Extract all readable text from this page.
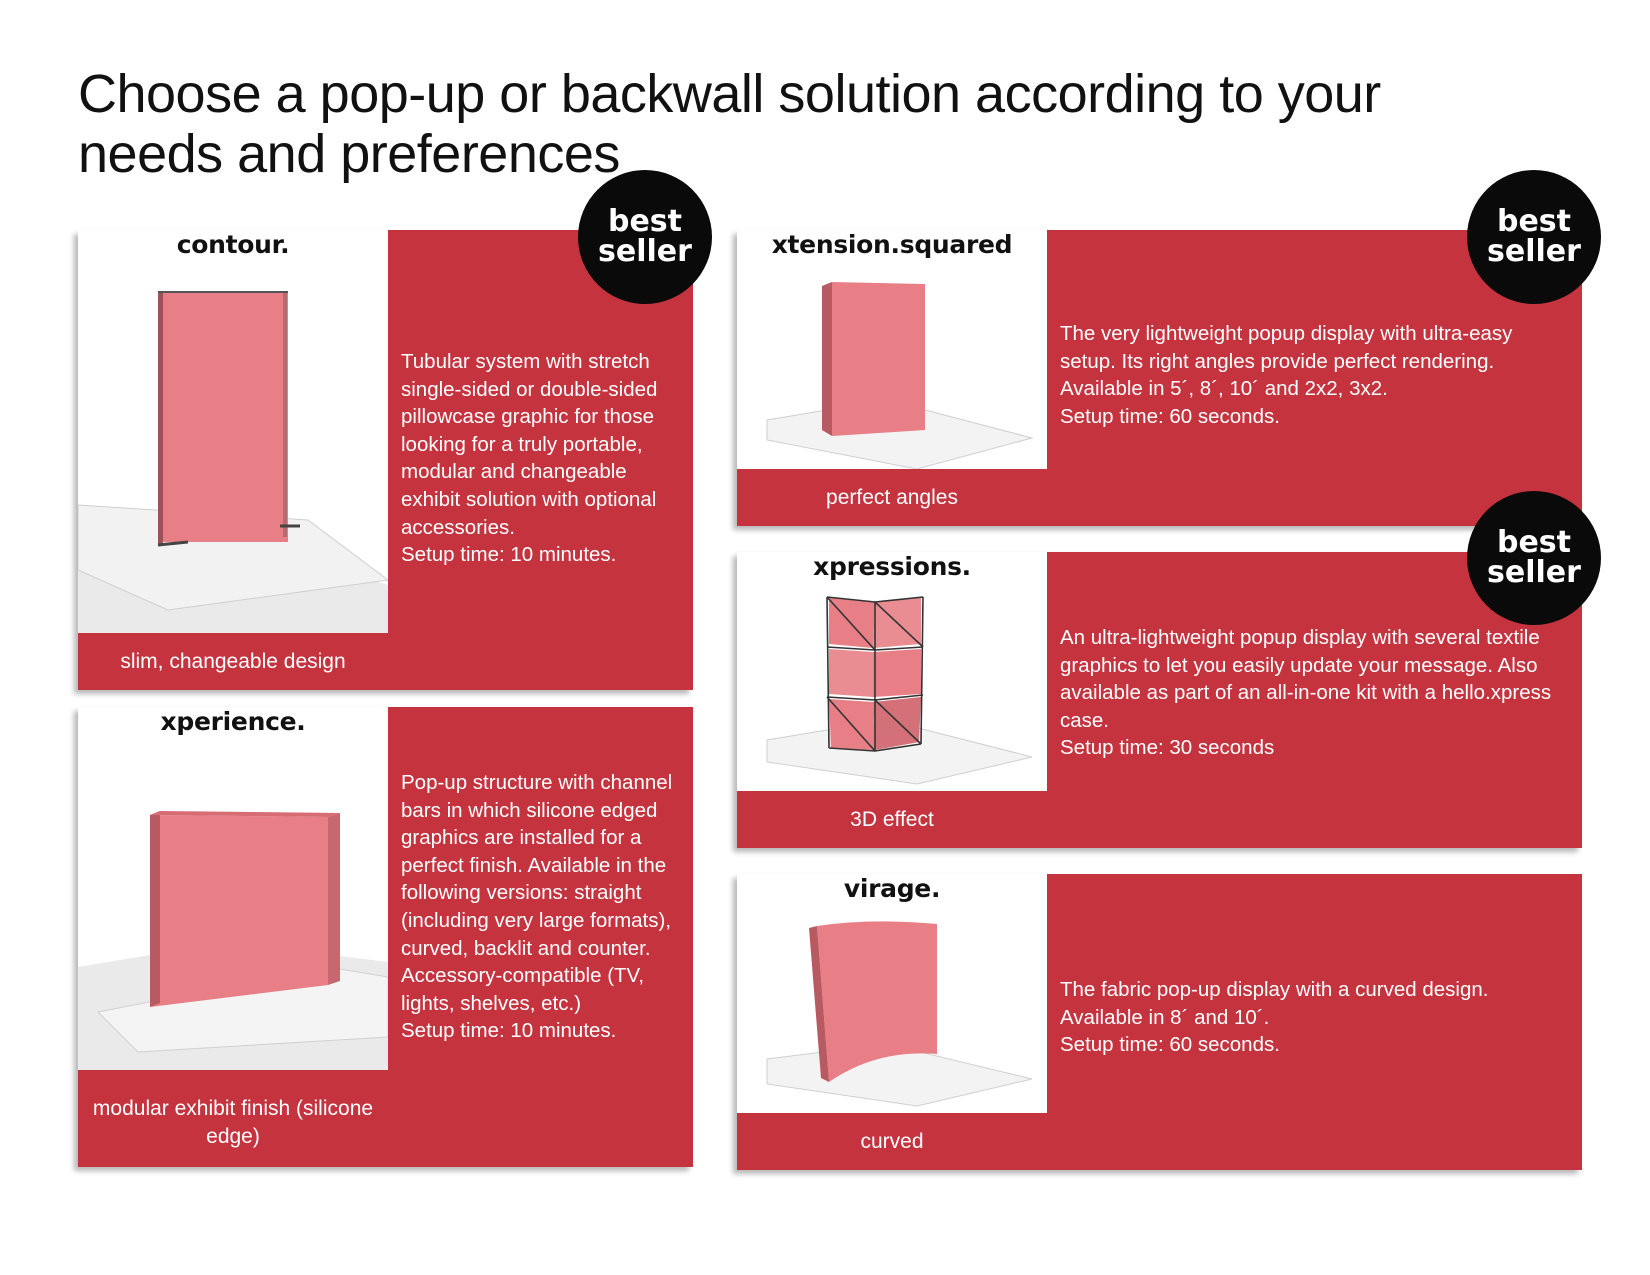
Choose a pop-up or backwall solution according to your needs and preferences
contour.
slim, changeable design

Tubular system with stretch single-sided or double-sided pillowcase graphic for those looking for a truly portable, modular and changeable exhibit solution with optional accessories.

Setup time: 10 minutes.

best
seller
xperience.
modular exhibit finish (silicone edge)

Pop-up structure with channel bars in which silicone edged graphics are installed for a perfect finish. Available in the following versions: straight (including very large formats), curved, backlit and counter.

Accessory-compatible (TV, lights, shelves, etc.)

Setup time: 10 minutes.

xtension.squared
perfect angles

The very lightweight popup display with ultra-easy setup. Its right angles provide perfect rendering.

Available in 5´, 8´, 10´ and 2x2, 3x2.

Setup time: 60 seconds.

best
seller
xpressions.
3D effect

An ultra-lightweight popup display with several textile graphics to let you easily update your message. Also available as part of an all-in-one kit with a hello.xpress case.

Setup time: 30 seconds

best
seller
virage.
curved

The fabric pop-up display with a curved design.

Available in 8´ and 10´.

Setup time: 60 seconds.
